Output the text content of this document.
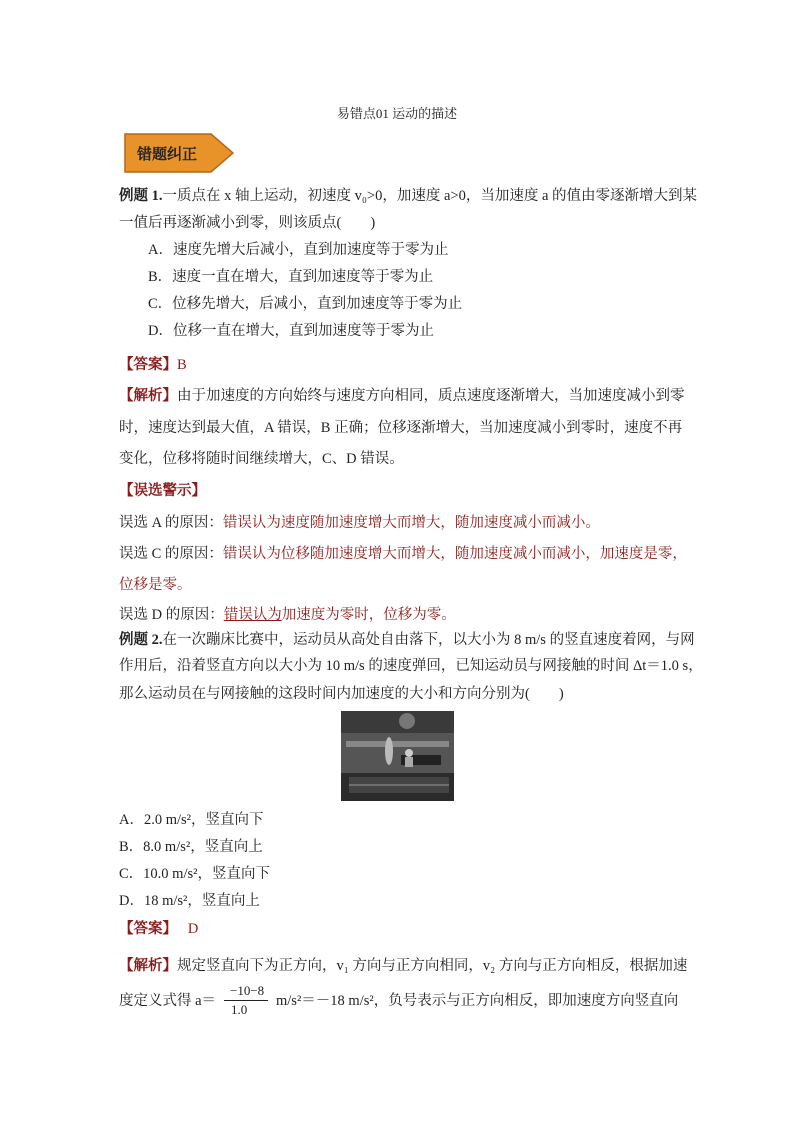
易错点01 运动的描述
错题纠正
例题 1.一质点在 x 轴上运动，初速度 v₀>0，加速度 a>0，当加速度 a 的值由零逐渐增大到某
一值后再逐渐减小到零，则该质点(　　)
A．速度先增大后减小，直到加速度等于零为止
B．速度一直在增大，直到加速度等于零为止
C．位移先增大，后减小，直到加速度等于零为止
D．位移一直在增大，直到加速度等于零为止
【答案】B
【解析】由于加速度的方向始终与速度方向相同，质点速度逐渐增大，当加速度减小到零
时，速度达到最大值，A 错误，B 正确；位移逐渐增大，当加速度减小到零时，速度不再
变化，位移将随时间继续增大，C、D 错误。
【误选警示】
误选 A 的原因：错误认为速度随加速度增大而增大，随加速度减小而减小。
误选 C 的原因：错误认为位移随加速度增大而增大，随加速度减小而减小，加速度是零，
位移是零。
误选 D 的原因：错误认为加速度为零时，位移为零。
例题 2.在一次蹦床比赛中，运动员从高处自由落下，以大小为 8 m/s 的竖直速度着网，与网
作用后，沿着竖直方向以大小为 10 m/s 的速度弹回，已知运动员与网接触的时间 Δt＝1.0 s，
那么运动员在与网接触的这段时间内加速度的大小和方向分别为(　　)
A．2.0 m/s²，竖直向下
B．8.0 m/s²，竖直向上
C．10.0 m/s²，竖直向下
D．18 m/s²，竖直向上
【答案】 D
【解析】规定竖直向下为正方向，v₁ 方向与正方向相同，v₂ 方向与正方向相反，根据加速
度定义式得 a＝
−10−8
1.0
m/s²＝－18 m/s²，负号表示与正方向相反，即加速度方向竖直向
